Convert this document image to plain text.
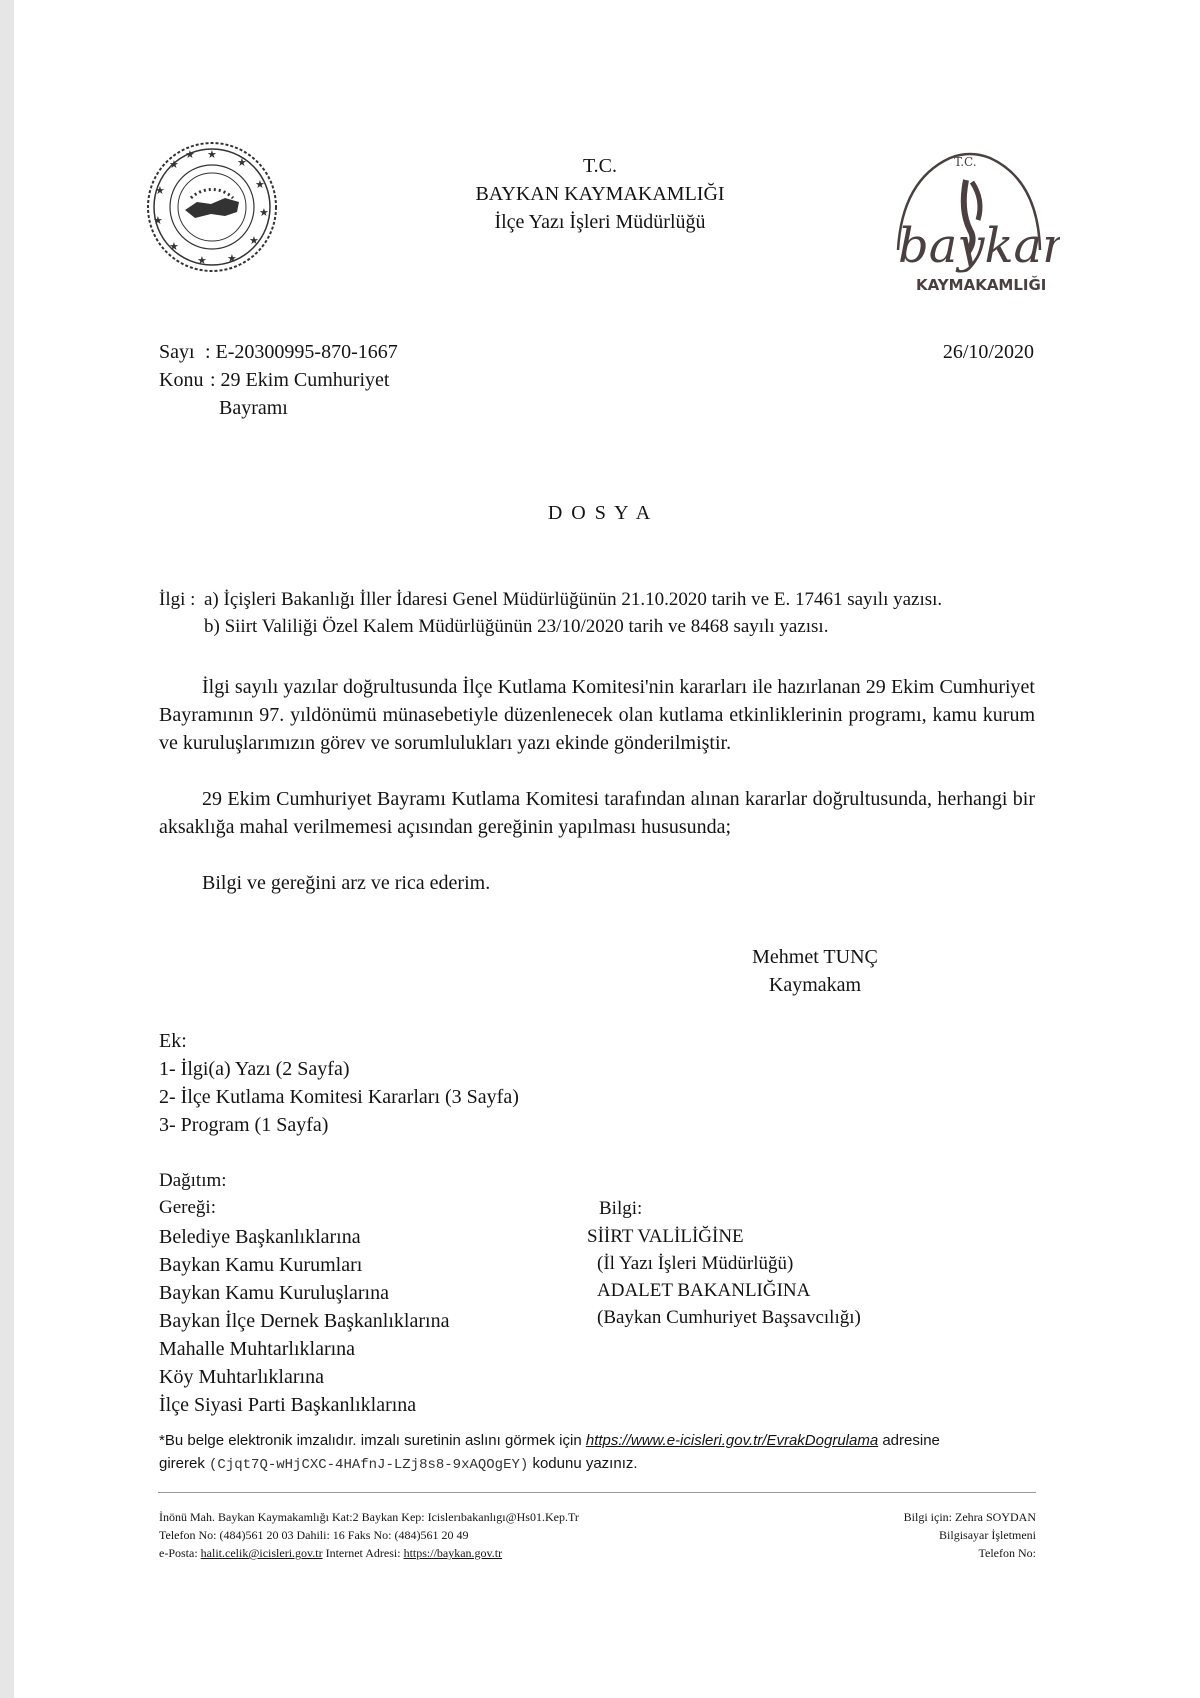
★
★
★
★
★
★
★
★
★
★
★
★
T.C.
BAYKAN KAYMAKAMLIĞI
İlçe Yazı İşleri Müdürlüğü
T.C.
baykan
KAYMAKAMLIĞI
Sayı : E-20300995-870-1667	26/10/2020
Konu : 29 Ekim Cumhuriyet
Bayramı
D O S Y A
İlgi : a) İçişleri Bakanlığı İller İdaresi Genel Müdürlüğünün 21.10.2020 tarih ve E. 17461 sayılı yazısı.
b) Siirt Valiliği Özel Kalem Müdürlüğünün 23/10/2020 tarih ve 8468 sayılı yazısı.
İlgi sayılı yazılar doğrultusunda İlçe Kutlama Komitesi'nin kararları ile hazırlanan 29 Ekim Cumhuriyet Bayramının 97. yıldönümü münasebetiyle düzenlenecek olan kutlama etkinliklerinin programı, kamu kurum ve kuruluşlarımızın görev ve sorumlulukları yazı ekinde gönderilmiştir.
29 Ekim Cumhuriyet Bayramı Kutlama Komitesi tarafından alınan kararlar doğrultusunda, herhangi bir aksaklığa mahal verilmemesi açısından gereğinin yapılması hususunda;
Bilgi ve gereğini arz ve rica ederim.
Mehmet TUNÇ
Kaymakam
Ek:
1- İlgi(a) Yazı (2 Sayfa)
2- İlçe Kutlama Komitesi Kararları (3 Sayfa)
3- Program (1 Sayfa)
Dağıtım:
Gereği:
Belediye Başkanlıklarına
Baykan Kamu Kurumları
Baykan Kamu Kuruluşlarına
Baykan İlçe Dernek Başkanlıklarına
Mahalle Muhtarlıklarına
Köy Muhtarlıklarına
İlçe Siyasi Parti Başkanlıklarına
Bilgi:
SİİRT VALİLİĞİNE
(İl Yazı İşleri Müdürlüğü)
ADALET BAKANLIĞINA
(Baykan Cumhuriyet Başsavcılığı)
*Bu belge elektronik imzalıdır. imzalı suretinin aslını görmek için https://www.e-icisleri.gov.tr/EvrakDogrulama adresine
girerek (Cjqt7Q-wHjCXC-4HAfnJ-LZj8s8-9xAQOgEY) kodunu yazınız.
İnönü Mah. Baykan Kaymakamlığı Kat:2 Baykan Kep: Icislerıbakanlıgı@Hs01.Kep.Tr
Telefon No: (484)561 20 03 Dahili: 16 Faks No: (484)561 20 49
e-Posta: halit.celik@icisleri.gov.tr Internet Adresi: https://baykan.gov.tr
Bilgi için: Zehra SOYDAN
Bilgisayar İşletmeni
Telefon No:
